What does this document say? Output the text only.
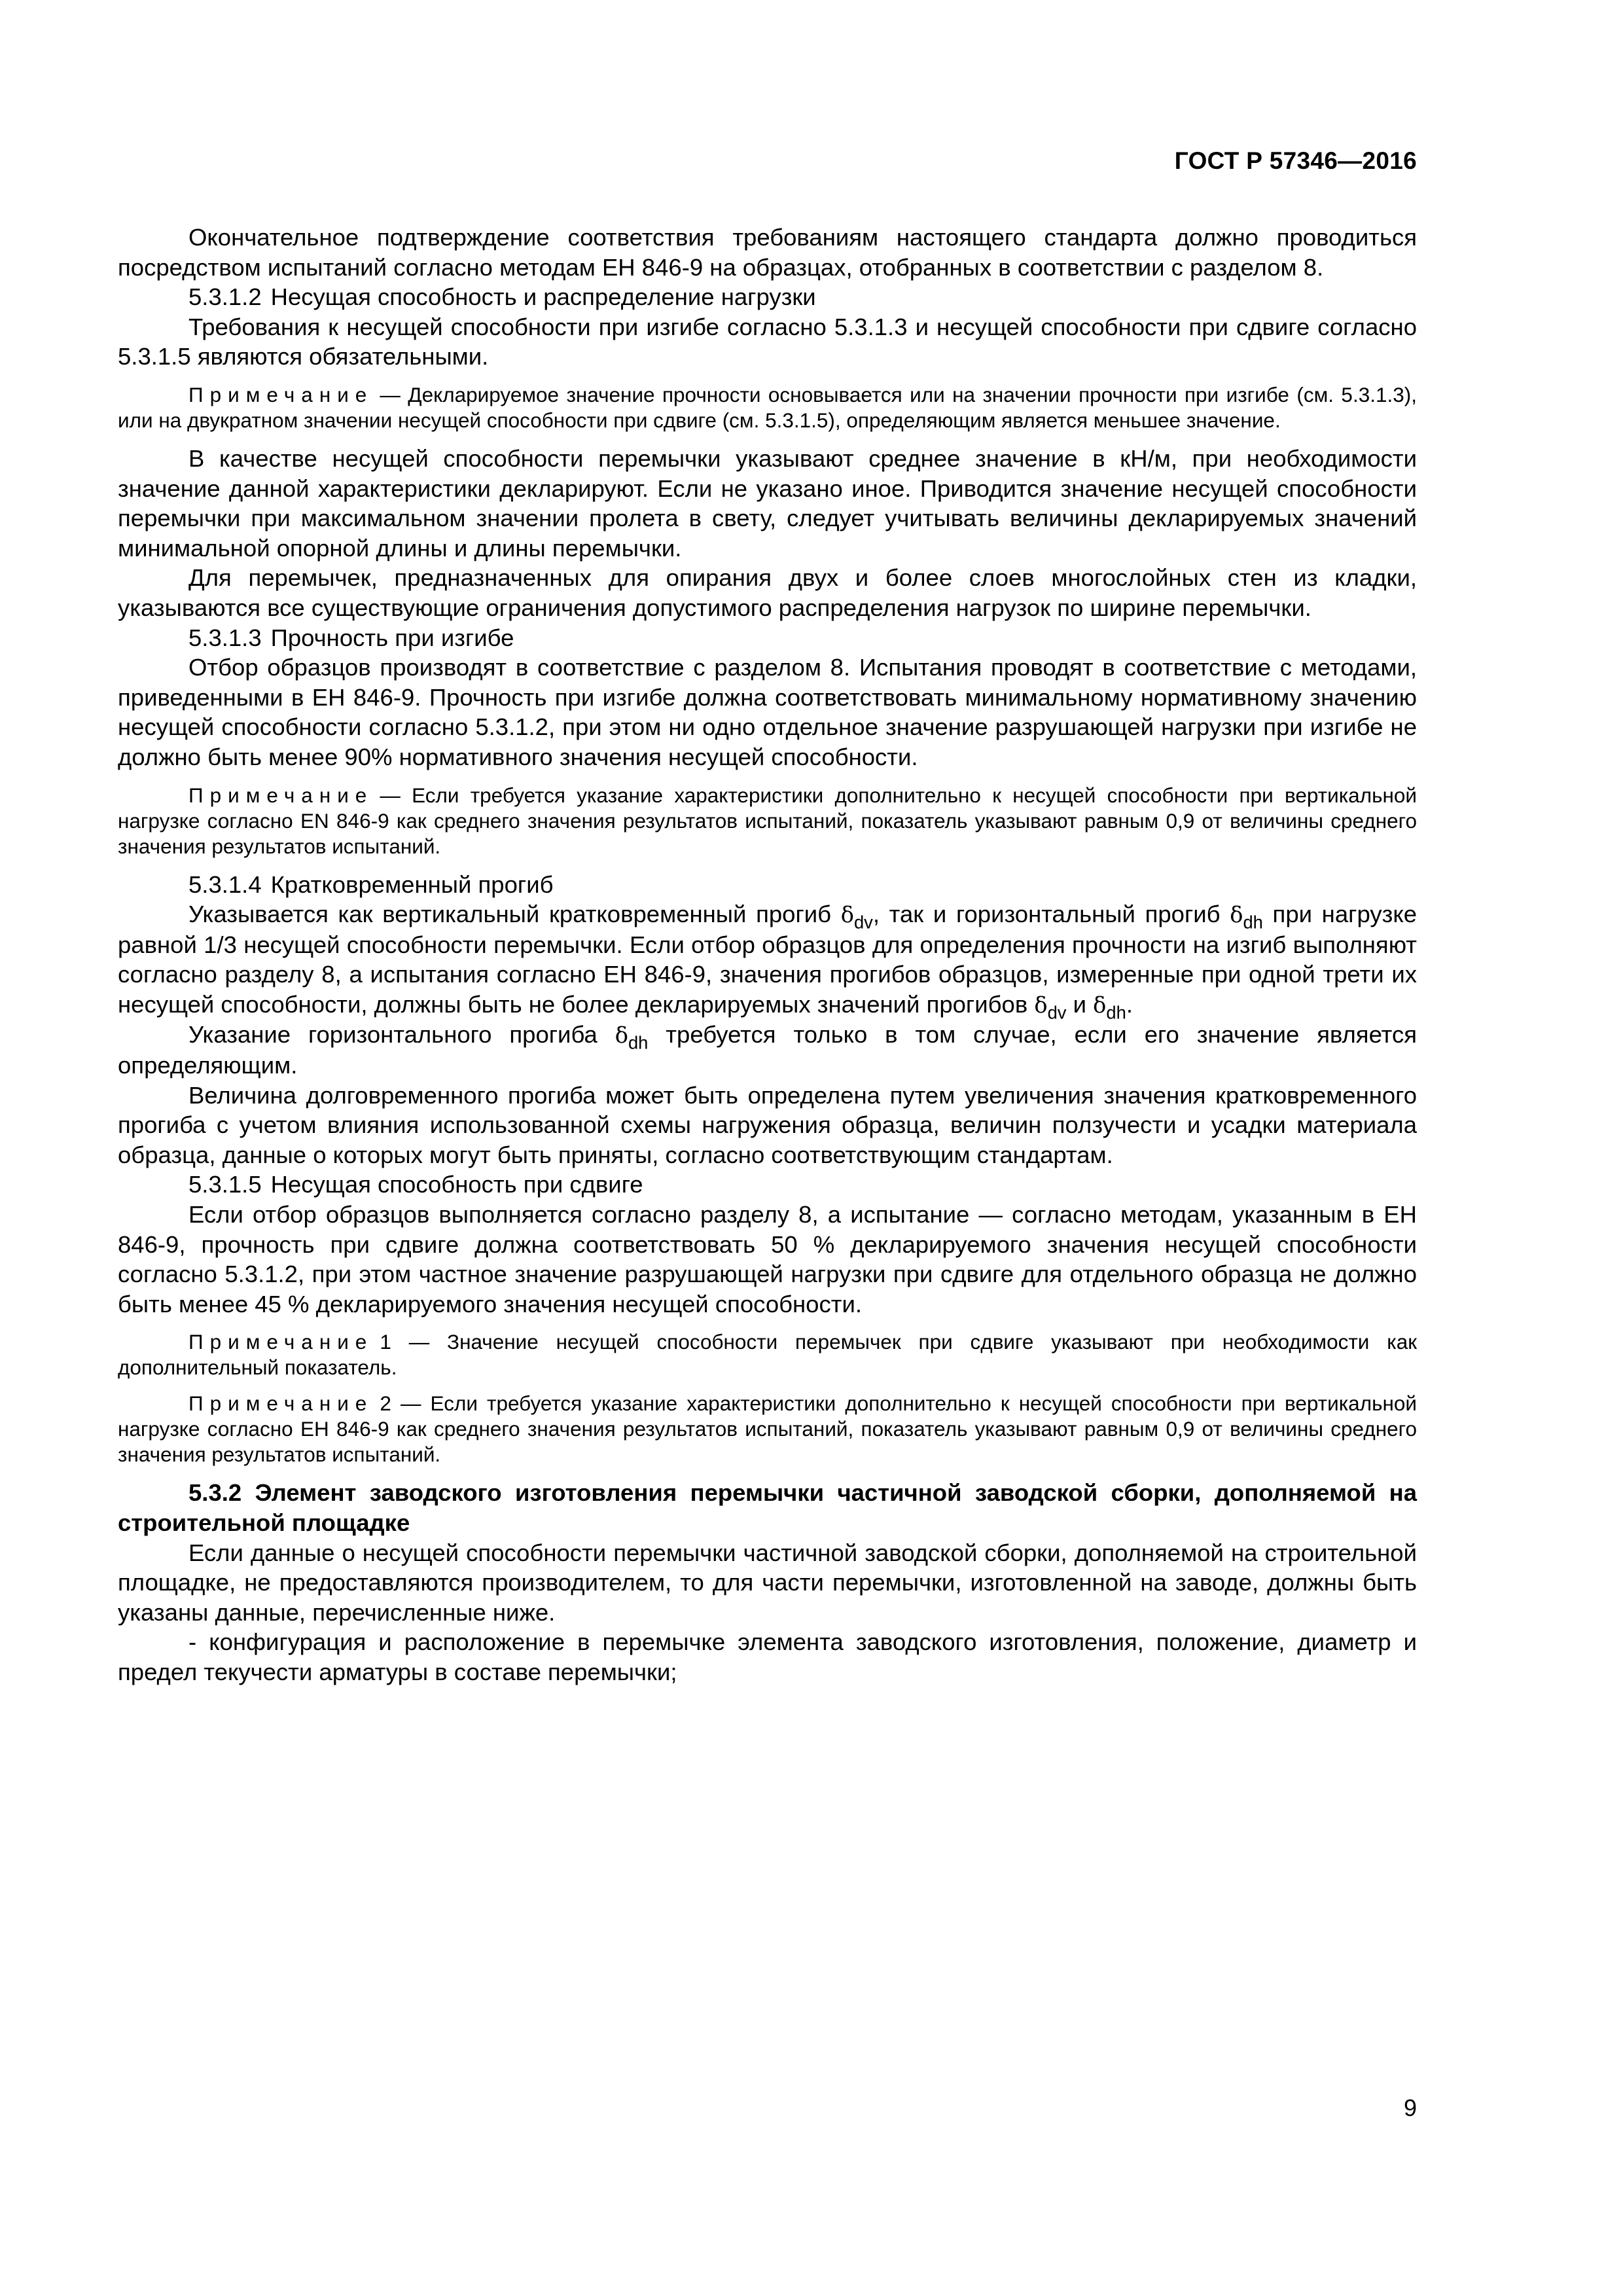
ГОСТ Р 57346—2016

Окончательное подтверждение соответствия требованиям настоящего стандарта должно проводиться посредством испытаний согласно методам ЕН 846-9 на образцах, отобранных в соответствии с разделом 8.

5.3.1.2 Несущая способность и распределение нагрузки

Требования к несущей способности при изгибе согласно 5.3.1.3 и несущей способности при сдвиге согласно 5.3.1.5 являются обязательными.

Примечание — Декларируемое значение прочности основывается или на значении прочности при изгибе (см. 5.3.1.3), или на двукратном значении несущей способности при сдвиге (см. 5.3.1.5), определяющим является меньшее значение.

В качестве несущей способности перемычки указывают среднее значение в кН/м, при необходимости значение данной характеристики декларируют. Если не указано иное. Приводится значение несущей способности перемычки при максимальном значении пролета в свету, следует учитывать величины декларируемых значений минимальной опорной длины и длины перемычки.

Для перемычек, предназначенных для опирания двух и более слоев многослойных стен из кладки, указываются все существующие ограничения допустимого распределения нагрузок по ширине перемычки.

5.3.1.3 Прочность при изгибе

Отбор образцов производят в соответствие с разделом 8. Испытания проводят в соответствие с методами, приведенными в ЕН 846-9. Прочность при изгибе должна соответствовать минимальному нормативному значению несущей способности согласно 5.3.1.2, при этом ни одно отдельное значение разрушающей нагрузки при изгибе не должно быть менее 90% нормативного значения несущей способности.

Примечание — Если требуется указание характеристики дополнительно к несущей способности при вертикальной нагрузке согласно EN 846-9 как среднего значения результатов испытаний, показатель указывают равным 0,9 от величины среднего значения результатов испытаний.

5.3.1.4 Кратковременный прогиб

Указывается как вертикальный кратковременный прогиб $\delta_{dv}$, так и горизонтальный прогиб $\delta_{dh}$ при нагрузке равной 1/3 несущей способности перемычки. Если отбор образцов для определения прочности на изгиб выполняют согласно разделу 8, а испытания согласно ЕН 846-9, значения прогибов образцов, измеренные при одной трети их несущей способности, должны быть не более декларируемых значений прогибов $\delta_{dv}$ и $\delta_{dh}$.

Указание горизонтального прогиба $\delta_{dh}$ требуется только в том случае, если его значение является определяющим.

Величина долговременного прогиба может быть определена путем увеличения значения кратковременного прогиба с учетом влияния использованной схемы нагружения образца, величин ползучести и усадки материала образца, данные о которых могут быть приняты, согласно соответствующим стандартам.

5.3.1.5 Несущая способность при сдвиге

Если отбор образцов выполняется согласно разделу 8, а испытание — согласно методам, указанным в ЕН 846-9, прочность при сдвиге должна соответствовать 50 % декларируемого значения несущей способности согласно 5.3.1.2, при этом частное значение разрушающей нагрузки при сдвиге для отдельного образца не должно быть менее 45 % декларируемого значения несущей способности.

Примечание 1 — Значение несущей способности перемычек при сдвиге указывают при необходимости как дополнительный показатель.

Примечание 2 — Если требуется указание характеристики дополнительно к несущей способности при вертикальной нагрузке согласно ЕН 846-9 как среднего значения результатов испытаний, показатель указывают равным 0,9 от величины среднего значения результатов испытаний.

5.3.2 Элемент заводского изготовления перемычки частичной заводской сборки, дополняемой на строительной площадке

Если данные о несущей способности перемычки частичной заводской сборки, дополняемой на строительной площадке, не предоставляются производителем, то для части перемычки, изготовленной на заводе, должны быть указаны данные, перечисленные ниже.

- конфигурация и расположение в перемычке элемента заводского изготовления, положение, диаметр и предел текучести арматуры в составе перемычки;

9
